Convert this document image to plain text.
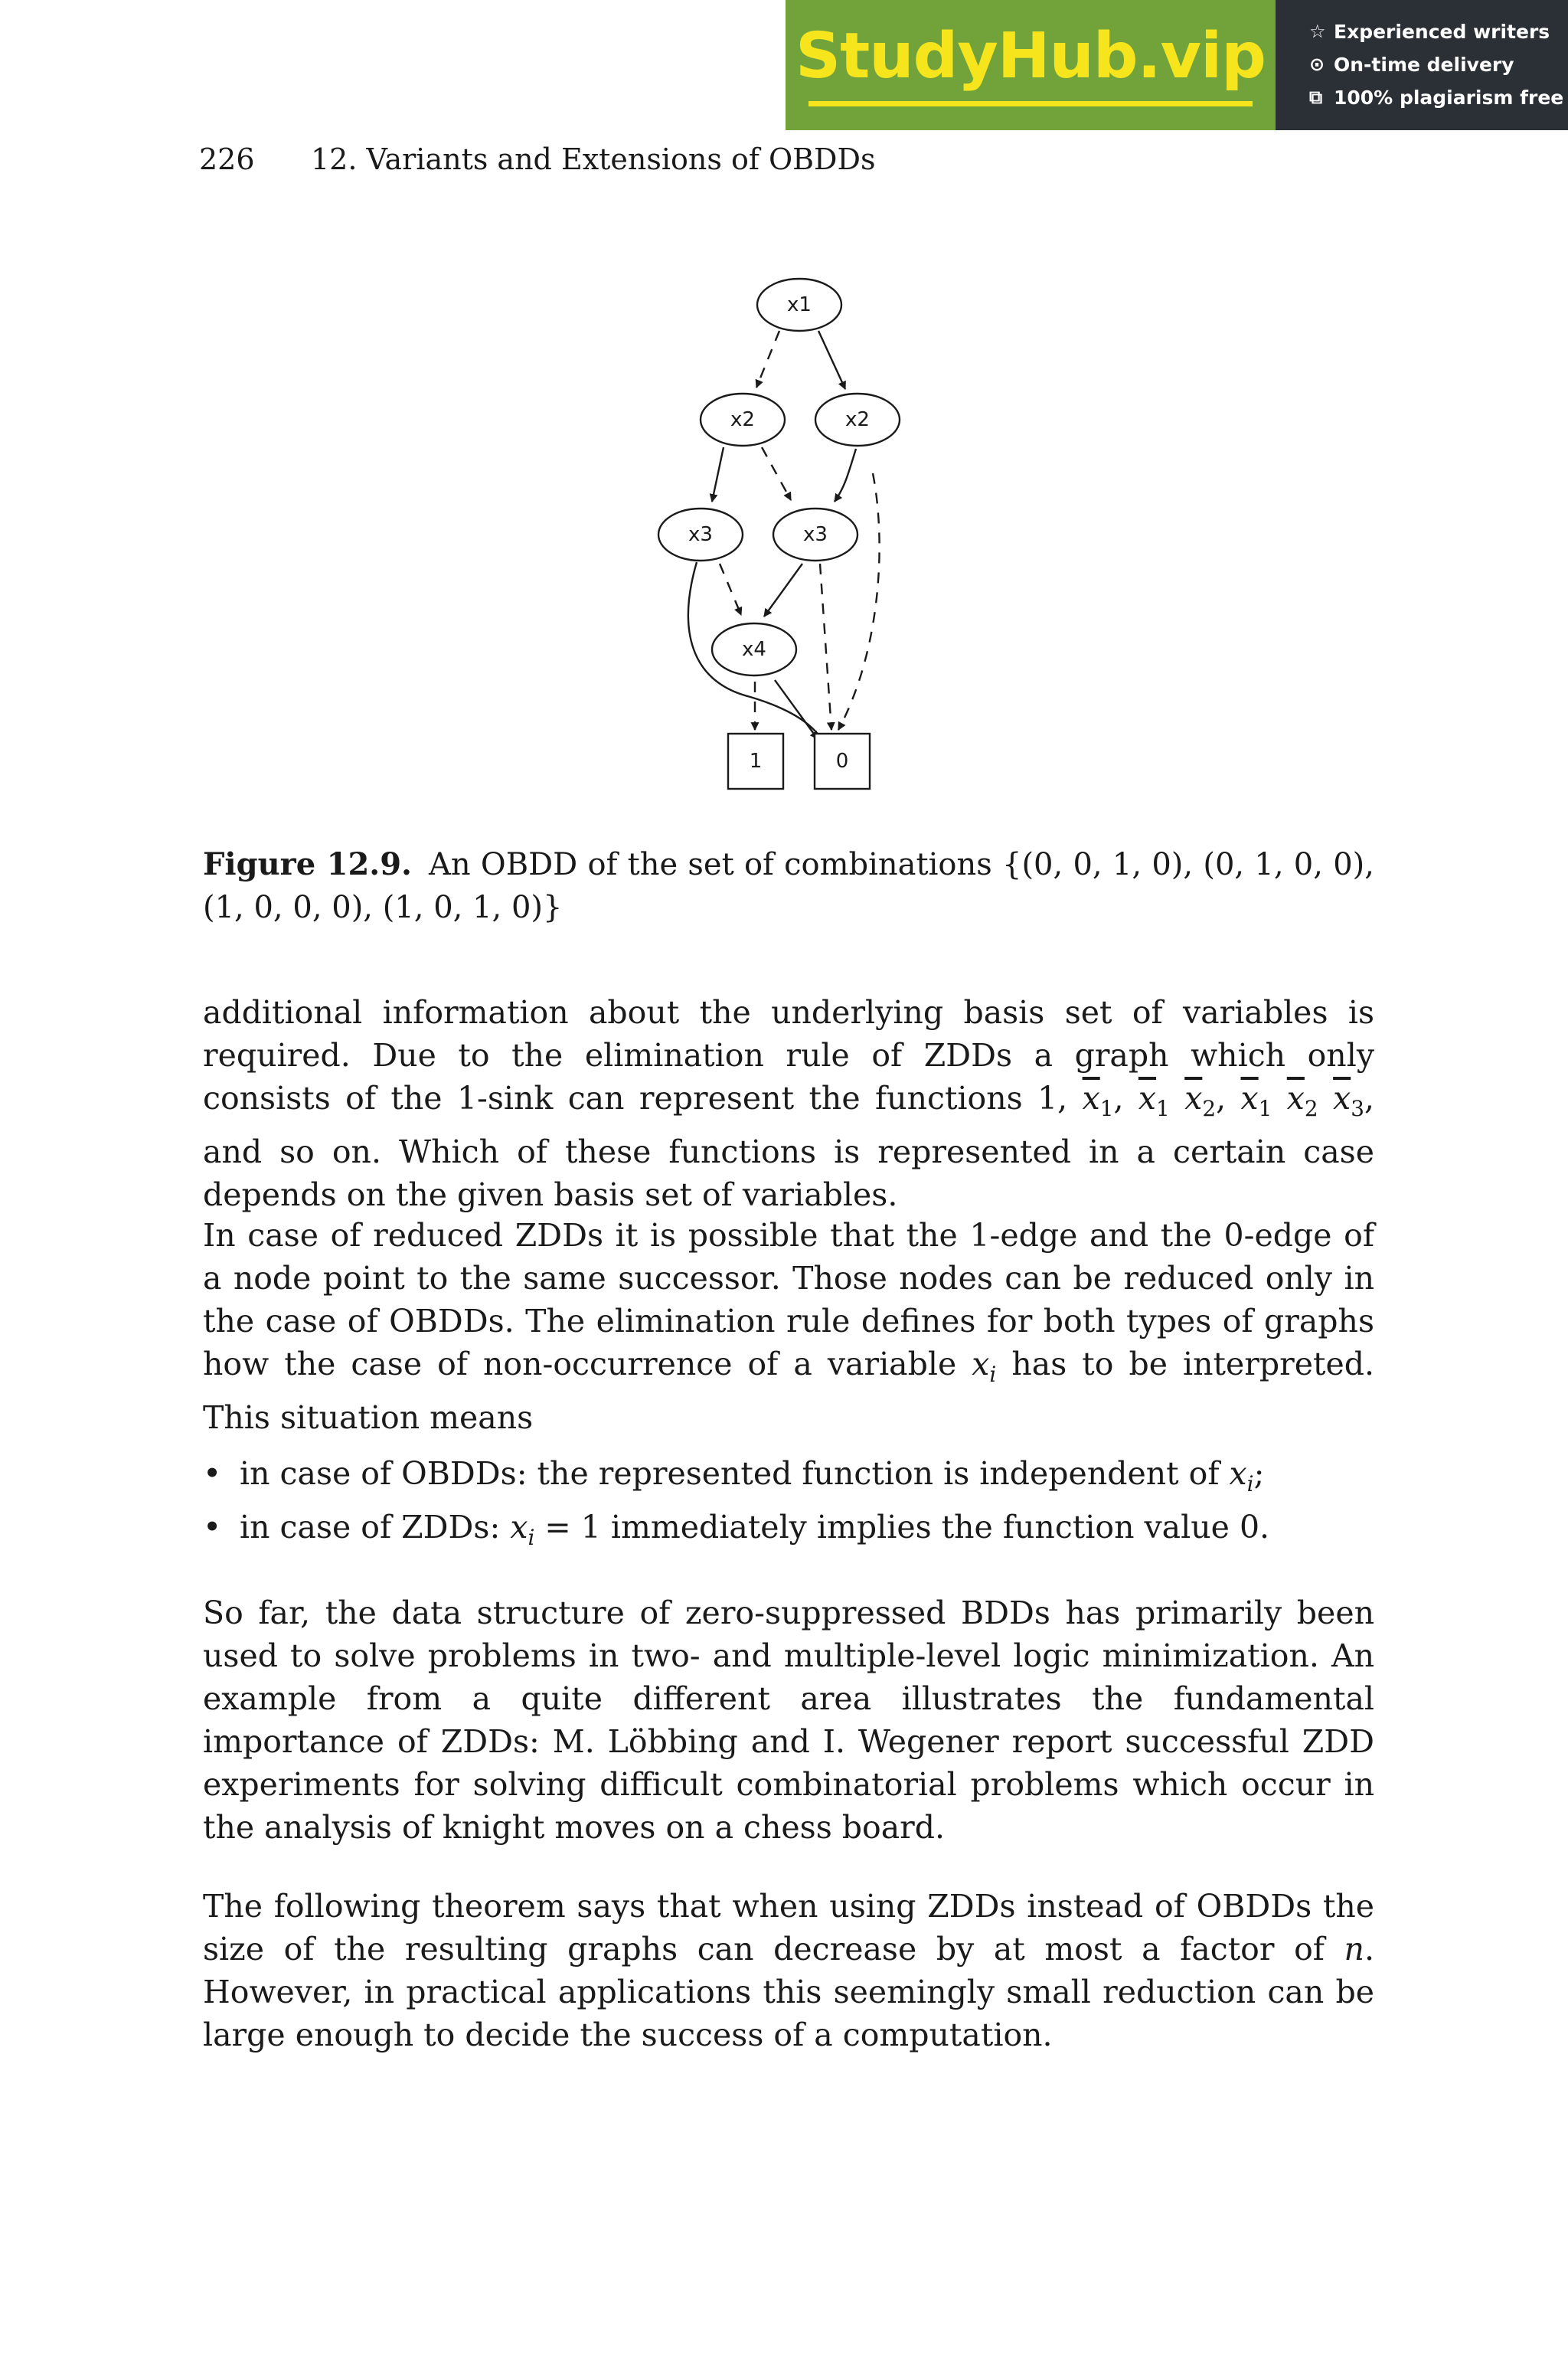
StudyHub.vip	☆ Experienced writers
⊙ On-time delivery
⧉ 100% plagiarism free
226 12. Variants and Extensions of OBDDs
x1
x2	x2
x3	x3
x4
1	0
Figure 12.9. An OBDD of the set of combinations {(0, 0, 1, 0), (0, 1, 0, 0), (1, 0, 0, 0), (1, 0, 1, 0)}

additional information about the underlying basis set of variables is required. Due to the elimination rule of ZDDs a graph which only consists of the 1-sink can represent the functions 1, $\overline{x}_1$, $\overline{x}_1$ $\overline{x}_2$, $\overline{x}_1$ $\overline{x}_2$ $\overline{x}_3$, and so on. Which of these functions is represented in a certain case depends on the given basis set of variables.

In case of reduced ZDDs it is possible that the 1-edge and the 0-edge of a node point to the same successor. Those nodes can be reduced only in the case of OBDDs. The elimination rule defines for both types of graphs how the case of non-occurrence of a variable $x_i$ has to be interpreted. This situation means

• in case of OBDDs: the represented function is independent of $x_i$;
• in case of ZDDs: $x_i = 1$ immediately implies the function value 0.

So far, the data structure of zero-suppressed BDDs has primarily been used to solve problems in two- and multiple-level logic minimization. An example from a quite different area illustrates the fundamental importance of ZDDs: M. Löbbing and I. Wegener report successful ZDD experiments for solving difficult combinatorial problems which occur in the analysis of knight moves on a chess board.

The following theorem says that when using ZDDs instead of OBDDs the size of the resulting graphs can decrease by at most a factor of n. However, in practical applications this seemingly small reduction can be large enough to decide the success of a computation.
